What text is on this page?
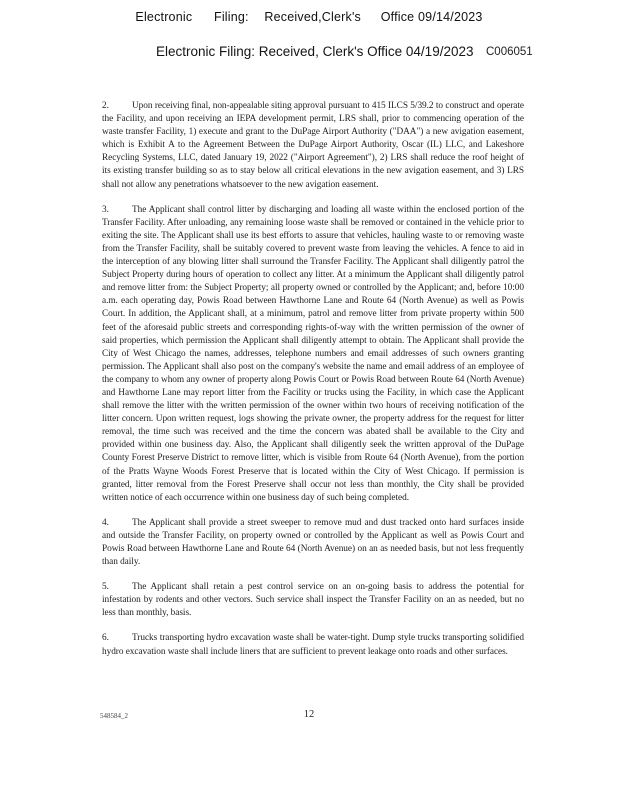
Electronic Filing: Received,Clerk's Office 09/14/2023
Electronic Filing: Received, Clerk's Office 04/19/2023 C006051

2. Upon receiving final, non-appealable siting approval pursuant to 415 ILCS 5/39.2 to construct and operate the Facility, and upon receiving an IEPA development permit, LRS shall, prior to commencing operation of the waste transfer Facility, 1) execute and grant to the DuPage Airport Authority ("DAA") a new avigation easement, which is Exhibit A to the Agreement Between the DuPage Airport Authority, Oscar (IL) LLC, and Lakeshore Recycling Systems, LLC, dated January 19, 2022 ("Airport Agreement"), 2) LRS shall reduce the roof height of its existing transfer building so as to stay below all critical elevations in the new avigation easement, and 3) LRS shall not allow any penetrations whatsoever to the new avigation easement.

3. The Applicant shall control litter by discharging and loading all waste within the enclosed portion of the Transfer Facility. After unloading, any remaining loose waste shall be removed or contained in the vehicle prior to exiting the site. The Applicant shall use its best efforts to assure that vehicles, hauling waste to or removing waste from the Transfer Facility, shall be suitably covered to prevent waste from leaving the vehicles. A fence to aid in the interception of any blowing litter shall surround the Transfer Facility. The Applicant shall diligently patrol the Subject Property during hours of operation to collect any litter. At a minimum the Applicant shall diligently patrol and remove litter from: the Subject Property; all property owned or controlled by the Applicant; and, before 10:00 a.m. each operating day, Powis Road between Hawthorne Lane and Route 64 (North Avenue) as well as Powis Court. In addition, the Applicant shall, at a minimum, patrol and remove litter from private property within 500 feet of the aforesaid public streets and corresponding rights-of-way with the written permission of the owner of said properties, which permission the Applicant shall diligently attempt to obtain. The Applicant shall provide the City of West Chicago the names, addresses, telephone numbers and email addresses of such owners granting permission. The Applicant shall also post on the company's website the name and email address of an employee of the company to whom any owner of property along Powis Court or Powis Road between Route 64 (North Avenue) and Hawthorne Lane may report litter from the Facility or trucks using the Facility, in which case the Applicant shall remove the litter with the written permission of the owner within two hours of receiving notification of the litter concern. Upon written request, logs showing the private owner, the property address for the request for litter removal, the time such was received and the time the concern was abated shall be available to the City and provided within one business day. Also, the Applicant shall diligently seek the written approval of the DuPage County Forest Preserve District to remove litter, which is visible from Route 64 (North Avenue), from the portion of the Pratts Wayne Woods Forest Preserve that is located within the City of West Chicago. If permission is granted, litter removal from the Forest Preserve shall occur not less than monthly, the City shall be provided written notice of each occurrence within one business day of such being completed.

4. The Applicant shall provide a street sweeper to remove mud and dust tracked onto hard surfaces inside and outside the Transfer Facility, on property owned or controlled by the Applicant as well as Powis Court and Powis Road between Hawthorne Lane and Route 64 (North Avenue) on an as needed basis, but not less frequently than daily.

5. The Applicant shall retain a pest control service on an on-going basis to address the potential for infestation by rodents and other vectors. Such service shall inspect the Transfer Facility on an as needed, but no less than monthly, basis.

6. Trucks transporting hydro excavation waste shall be water-tight. Dump style trucks transporting solidified hydro excavation waste shall include liners that are sufficient to prevent leakage onto roads and other surfaces.

548584_2	12
